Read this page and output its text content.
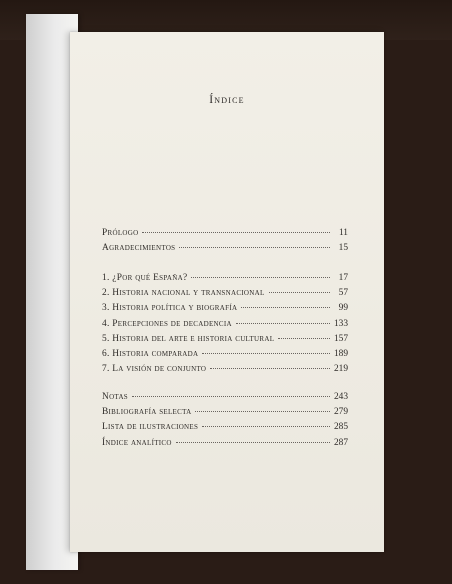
Índice
Prólogo	11
Agradecimientos	15
1. ¿Por qué España?	17
2. Historia nacional y transnacional	57
3. Historia política y biografía	99
4. Percepciones de decadencia	133
5. Historia del arte e historia cultural	157
6. Historia comparada	189
7. La visión de conjunto	219
Notas	243
Bibliografía selecta	279
Lista de ilustraciones	285
Índice analítico	287
